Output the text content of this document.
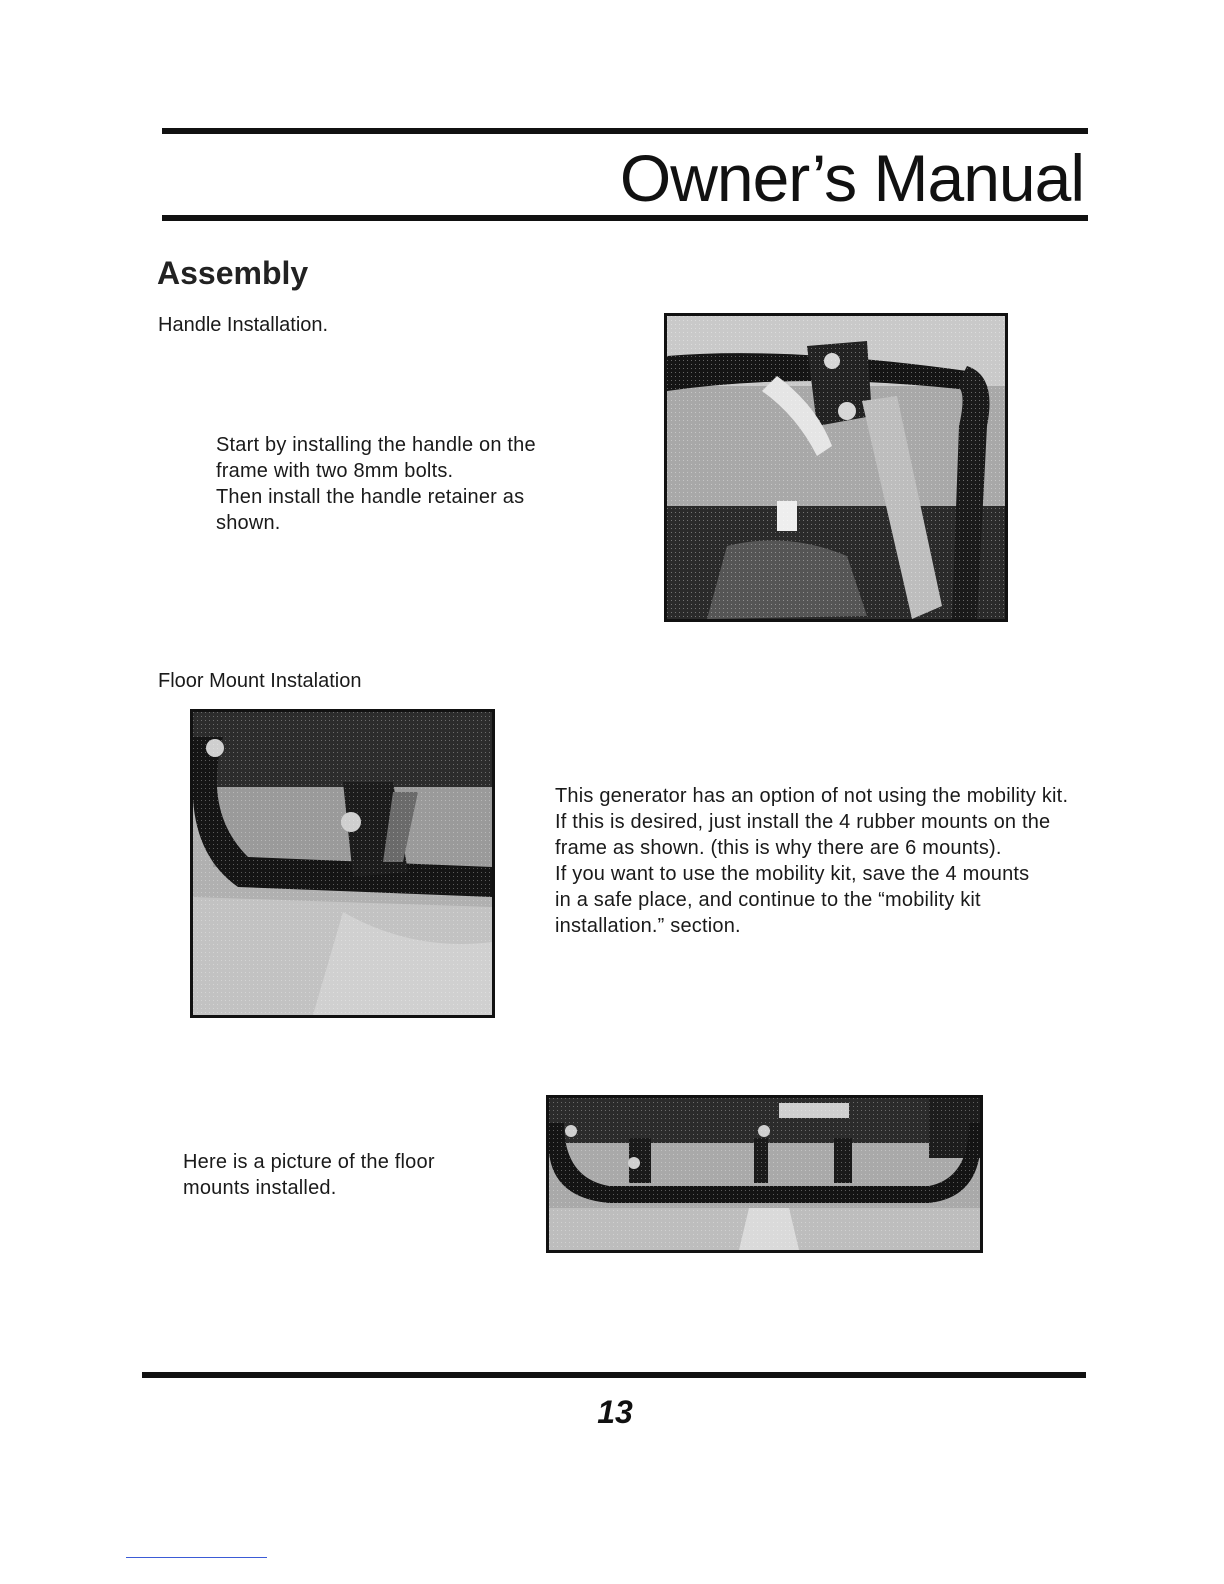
Owner’s Manual
Assembly
Handle Installation.
Start by installing the handle on the
frame with two 8mm bolts.
Then install the handle retainer as
shown.
Floor Mount Instalation
This generator has an option of not using the mobility kit.
If this is desired, just install the 4 rubber mounts on the
frame as shown. (this is why there are 6 mounts).
If you want to use the mobility kit, save the 4 mounts
in a safe place, and continue to the “mobility kit
installation.” section.
Here is a picture of the floor
mounts installed.
13
